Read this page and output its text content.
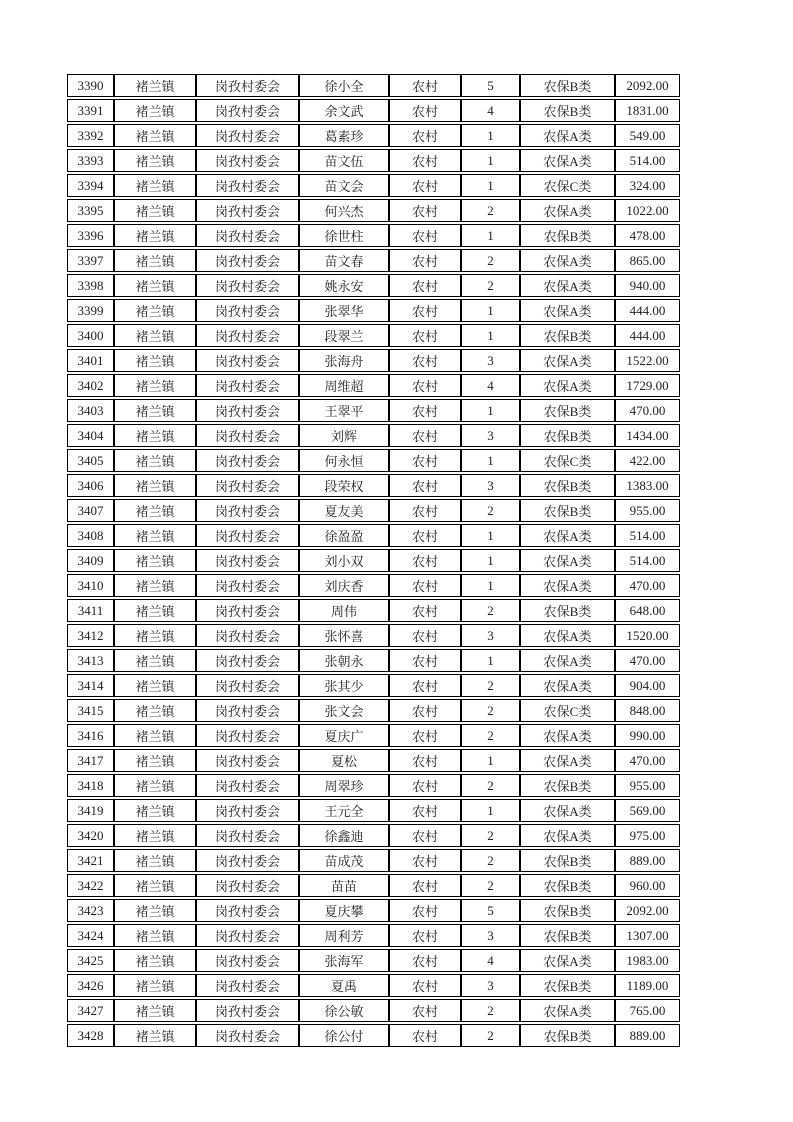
3390	褚兰镇	岗孜村委会	徐小全	农村	5	农保B类	2092.00
3391	褚兰镇	岗孜村委会	余文武	农村	4	农保B类	1831.00
3392	褚兰镇	岗孜村委会	葛素珍	农村	1	农保A类	549.00
3393	褚兰镇	岗孜村委会	苗文伍	农村	1	农保A类	514.00
3394	褚兰镇	岗孜村委会	苗文会	农村	1	农保C类	324.00
3395	褚兰镇	岗孜村委会	何兴杰	农村	2	农保A类	1022.00
3396	褚兰镇	岗孜村委会	徐世柱	农村	1	农保B类	478.00
3397	褚兰镇	岗孜村委会	苗文春	农村	2	农保A类	865.00
3398	褚兰镇	岗孜村委会	姚永安	农村	2	农保A类	940.00
3399	褚兰镇	岗孜村委会	张翠华	农村	1	农保A类	444.00
3400	褚兰镇	岗孜村委会	段翠兰	农村	1	农保B类	444.00
3401	褚兰镇	岗孜村委会	张海舟	农村	3	农保A类	1522.00
3402	褚兰镇	岗孜村委会	周维超	农村	4	农保A类	1729.00
3403	褚兰镇	岗孜村委会	王翠平	农村	1	农保B类	470.00
3404	褚兰镇	岗孜村委会	刘辉	农村	3	农保B类	1434.00
3405	褚兰镇	岗孜村委会	何永恒	农村	1	农保C类	422.00
3406	褚兰镇	岗孜村委会	段荣权	农村	3	农保B类	1383.00
3407	褚兰镇	岗孜村委会	夏友美	农村	2	农保B类	955.00
3408	褚兰镇	岗孜村委会	徐盈盈	农村	1	农保A类	514.00
3409	褚兰镇	岗孜村委会	刘小双	农村	1	农保A类	514.00
3410	褚兰镇	岗孜村委会	刘庆香	农村	1	农保A类	470.00
3411	褚兰镇	岗孜村委会	周伟	农村	2	农保B类	648.00
3412	褚兰镇	岗孜村委会	张怀喜	农村	3	农保A类	1520.00
3413	褚兰镇	岗孜村委会	张朝永	农村	1	农保A类	470.00
3414	褚兰镇	岗孜村委会	张其少	农村	2	农保A类	904.00
3415	褚兰镇	岗孜村委会	张文会	农村	2	农保C类	848.00
3416	褚兰镇	岗孜村委会	夏庆广	农村	2	农保A类	990.00
3417	褚兰镇	岗孜村委会	夏松	农村	1	农保A类	470.00
3418	褚兰镇	岗孜村委会	周翠珍	农村	2	农保B类	955.00
3419	褚兰镇	岗孜村委会	王元全	农村	1	农保A类	569.00
3420	褚兰镇	岗孜村委会	徐鑫迪	农村	2	农保A类	975.00
3421	褚兰镇	岗孜村委会	苗成茂	农村	2	农保B类	889.00
3422	褚兰镇	岗孜村委会	苗苗	农村	2	农保B类	960.00
3423	褚兰镇	岗孜村委会	夏庆攀	农村	5	农保B类	2092.00
3424	褚兰镇	岗孜村委会	周利芳	农村	3	农保B类	1307.00
3425	褚兰镇	岗孜村委会	张海军	农村	4	农保A类	1983.00
3426	褚兰镇	岗孜村委会	夏禹	农村	3	农保B类	1189.00
3427	褚兰镇	岗孜村委会	徐公敏	农村	2	农保A类	765.00
3428	褚兰镇	岗孜村委会	徐公付	农村	2	农保B类	889.00
